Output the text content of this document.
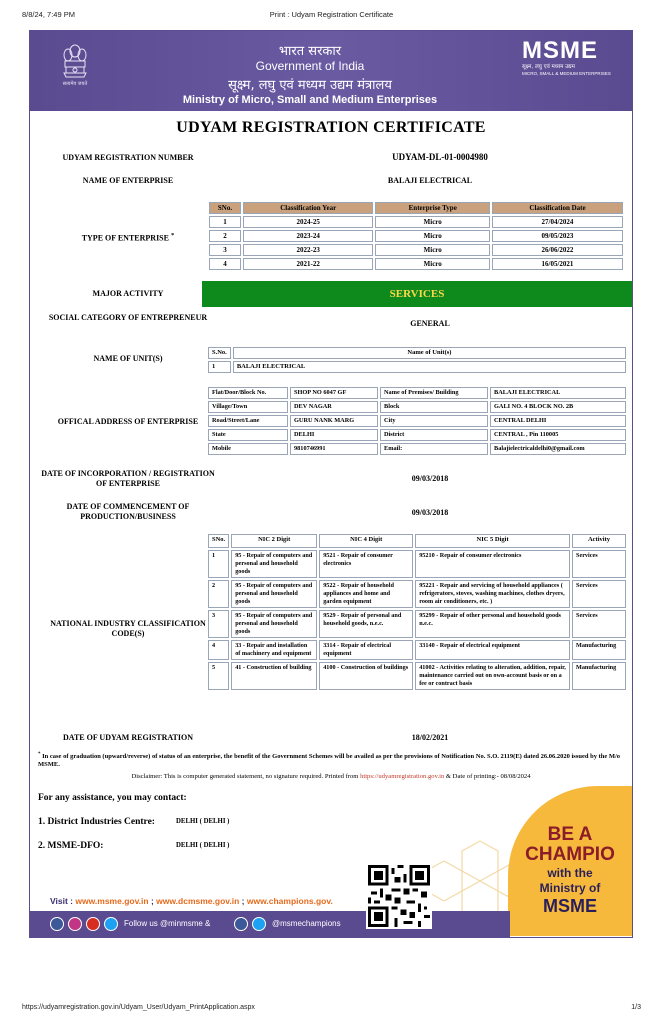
8/8/24, 7:49 PM	Print : Udyam Registration Certificate
सत्यमेव जयते
भारत सरकार
Government of India
सूक्ष्म, लघु एवं मध्यम उद्यम मंत्रालय
Ministry of Micro, Small and Medium Enterprises
MSME
सूक्ष्म, लघु एवं मध्यम उद्यम
MICRO, SMALL & MEDIUM ENTERPRISES
UDYAM REGISTRATION CERTIFICATE
UDYAM REGISTRATION NUMBER	UDYAM-DL-01-0004980
NAME OF ENTERPRISE	BALAJI ELECTRICAL
TYPE OF ENTERPRISE *
SNo.	Classification Year	Enterprise Type	Classification Date
1	2024-25	Micro	27/04/2024
2	2023-24	Micro	09/05/2023
3	2022-23	Micro	26/06/2022
4	2021-22	Micro	16/05/2021
MAJOR ACTIVITY	SERVICES
SOCIAL CATEGORY OF ENTREPRENEUR
GENERAL
NAME OF UNIT(S)
S.No.	Name of Unit(s)
1	BALAJI ELECTRICAL
OFFICAL ADDRESS OF ENTERPRISE
Flat/Door/Block No.	SHOP NO 6047 GF	Name of Premises/ Building	BALAJI ELECTRICAL
Village/Town	DEV NAGAR	Block	GALI NO. 4 BLOCK NO. 2B
Road/Street/Lane	GURU NANK MARG	City	CENTRAL DELHI
State	DELHI	District	CENTRAL , Pin 110005
Mobile	9810746991	Email:	Balajielectricaldelhi0@gmail.com
DATE OF INCORPORATION / REGISTRATION OF ENTERPRISE
09/03/2018
DATE OF COMMENCEMENT OF PRODUCTION/BUSINESS	09/03/2018
NATIONAL INDUSTRY CLASSIFICATION CODE(S)
SNo.	NIC 2 Digit	NIC 4 Digit	NIC 5 Digit	Activity
1	95 - Repair of computers and personal and household goods	9521 - Repair of consumer electronics	95210 - Repair of consumer electronics	Services
2	95 - Repair of computers and personal and household goods	9522 - Repair of household appliances and home and garden equipment	95221 - Repair and servicing of household appliances ( refrigerators, stoves, washing machines, clothes dryers, room air conditioners, etc. )	Services
3	95 - Repair of computers and personal and household goods	9529 - Repair of personal and household goods, n.e.c.	95299 - Repair of other personal and household goods n.e.c.	Services
4	33 - Repair and installation of machinery and equipment	3314 - Repair of electrical equipment	33140 - Repair of electrical equipment	Manufacturing
5	41 - Construction of building	4100 - Construction of buildings	41002 - Activities relating to alteration, addition, repair, maintenance carried out on own-account basis or on a fee or contract basis	Manufacturing
DATE OF UDYAM REGISTRATION	18/02/2021
* In case of graduation (upward/reverse) of status of an enterprise, the benefit of the Government Schemes will be availed as per the provisions of Notification No. S.O. 2119(E) dated 26.06.2020 issued by the M/o MSME.
Disclaimer: This is computer generated statement, no signature required. Printed from https://udyamregistration.gov.in & Date of printing:- 08/08/2024
For any assistance, you may contact:
1. District Industries Centre:	DELHI ( DELHI )
2. MSME-DFO:	DELHI ( DELHI )
BE A
CHAMPIO
with the
Ministry of
MSME
Visit : www.msme.gov.in ; www.dcmsme.gov.in ; www.champions.gov.
Follow us @minmsme &	@msmechampions
https://udyamregistration.gov.in/Udyam_User/Udyam_PrintApplication.aspx	1/3
